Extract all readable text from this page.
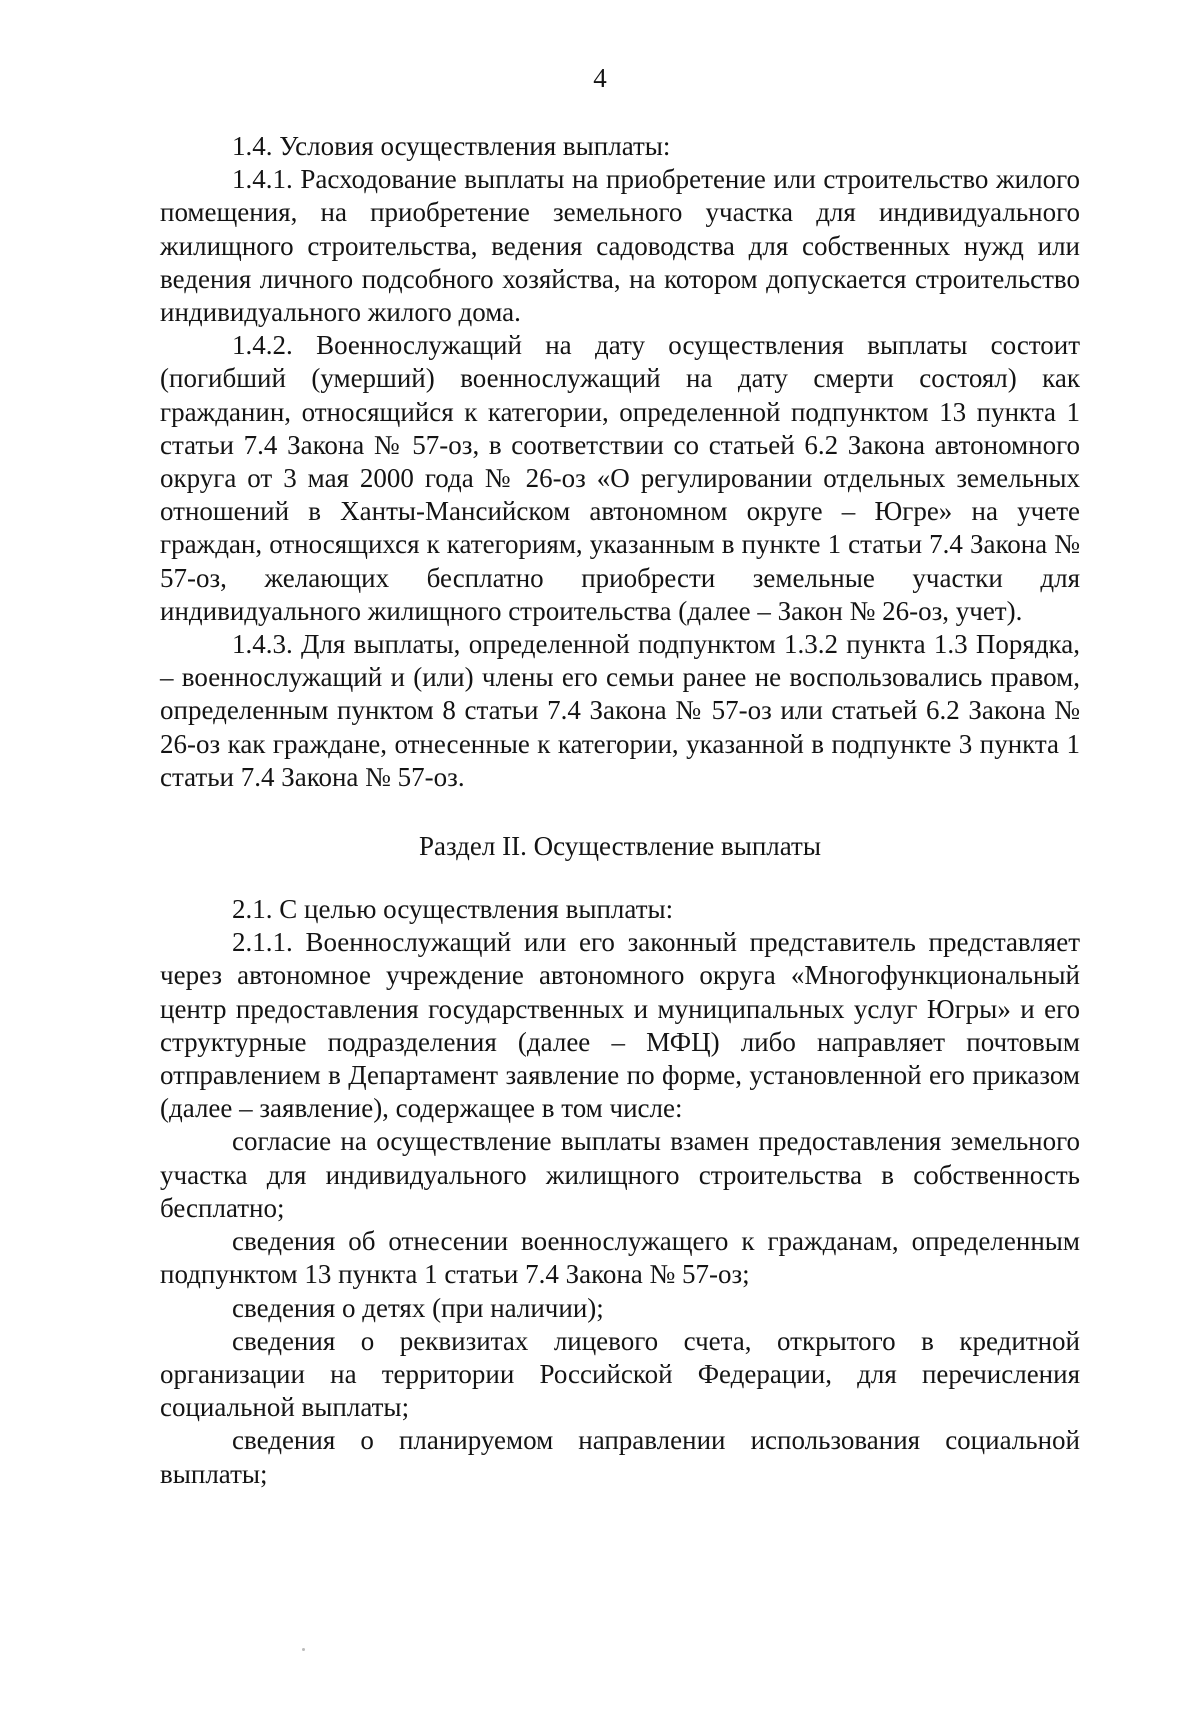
4

1.4. Условия осуществления выплаты:

1.4.1. Расходование выплаты на приобретение или строительство жилого помещения, на приобретение земельного участка для индивидуального жилищного строительства, ведения садоводства для собственных нужд или ведения личного подсобного хозяйства, на котором допускается строительство индивидуального жилого дома.

1.4.2. Военнослужащий на дату осуществления выплаты состоит (погибший (умерший) военнослужащий на дату смерти состоял) как гражданин, относящийся к категории, определенной подпунктом 13 пункта 1 статьи 7.4 Закона № 57-оз, в соответствии со статьей 6.2 Закона автономного округа от 3 мая 2000 года № 26-оз «О регулировании отдельных земельных отношений в Ханты-Мансийском автономном округе – Югре» на учете граждан, относящихся к категориям, указанным в пункте 1 статьи 7.4 Закона № 57-оз, желающих бесплатно приобрести земельные участки для индивидуального жилищного строительства (далее – Закон № 26-оз, учет).

1.4.3. Для выплаты, определенной подпунктом 1.3.2 пункта 1.3 Порядка, – военнослужащий и (или) члены его семьи ранее не воспользовались правом, определенным пунктом 8 статьи 7.4 Закона № 57-оз или статьей 6.2 Закона № 26-оз как граждане, отнесенные к категории, указанной в подпункте 3 пункта 1 статьи 7.4 Закона № 57-оз.

Раздел II. Осуществление выплаты

2.1. С целью осуществления выплаты:

2.1.1. Военнослужащий или его законный представитель представляет через автономное учреждение автономного округа «Многофункциональный центр предоставления государственных и муниципальных услуг Югры» и его структурные подразделения (далее – МФЦ) либо направляет почтовым отправлением в Департамент заявление по форме, установленной его приказом (далее – заявление), содержащее в том числе:

согласие на осуществление выплаты взамен предоставления земельного участка для индивидуального жилищного строительства в собственность бесплатно;

сведения об отнесении военнослужащего к гражданам, определенным подпунктом 13 пункта 1 статьи 7.4 Закона № 57-оз;

сведения о детях (при наличии);

сведения о реквизитах лицевого счета, открытого в кредитной организации на территории Российской Федерации, для перечисления социальной выплаты;

сведения о планируемом направлении использования социальной выплаты;
